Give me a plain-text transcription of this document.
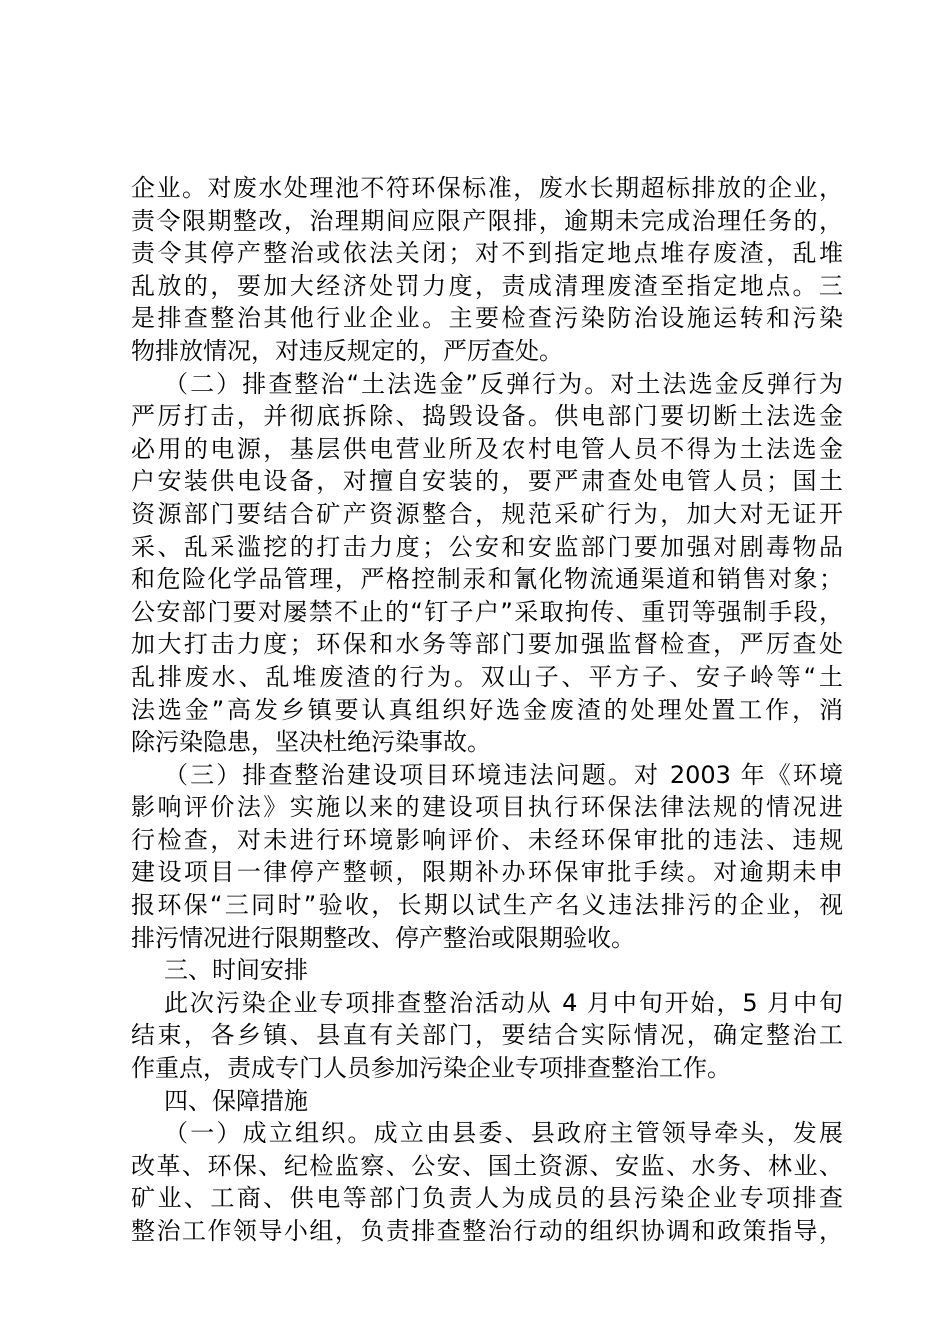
企业。对废水处理池不符环保标准，废水长期超标排放的企业，
责令限期整改，治理期间应限产限排，逾期未完成治理任务的，
责令其停产整治或依法关闭；对不到指定地点堆存废渣，乱堆
乱放的，要加大经济处罚力度，责成清理废渣至指定地点。三
是排查整治其他行业企业。主要检查污染防治设施运转和污染
物排放情况，对违反规定的，严厉查处。
（二）排查整治“土法选金”反弹行为。对土法选金反弹行为
严厉打击，并彻底拆除、捣毁设备。供电部门要切断土法选金
必用的电源，基层供电营业所及农村电管人员不得为土法选金
户安装供电设备，对擅自安装的，要严肃查处电管人员；国土
资源部门要结合矿产资源整合，规范采矿行为，加大对无证开
采、乱采滥挖的打击力度；公安和安监部门要加强对剧毒物品
和危险化学品管理，严格控制汞和氰化物流通渠道和销售对象；
公安部门要对屡禁不止的“钉子户”采取拘传、重罚等强制手段，
加大打击力度；环保和水务等部门要加强监督检查，严厉查处
乱排废水、乱堆废渣的行为。双山子、平方子、安子岭等“土
法选金”高发乡镇要认真组织好选金废渣的处理处置工作，消
除污染隐患，坚决杜绝污染事故。
（三）排查整治建设项目环境违法问题。对 2003 年《环境
影响评价法》实施以来的建设项目执行环保法律法规的情况进
行检查，对未进行环境影响评价、未经环保审批的违法、违规
建设项目一律停产整顿，限期补办环保审批手续。对逾期未申
报环保“三同时”验收，长期以试生产名义违法排污的企业，视
排污情况进行限期整改、停产整治或限期验收。
三、时间安排
此次污染企业专项排查整治活动从 4 月中旬开始，5 月中旬
结束，各乡镇、县直有关部门，要结合实际情况，确定整治工
作重点，责成专门人员参加污染企业专项排查整治工作。
四、保障措施
（一）成立组织。成立由县委、县政府主管领导牵头，发展
改革、环保、纪检监察、公安、国土资源、安监、水务、林业、
矿业、工商、供电等部门负责人为成员的县污染企业专项排查
整治工作领导小组，负责排查整治行动的组织协调和政策指导，
